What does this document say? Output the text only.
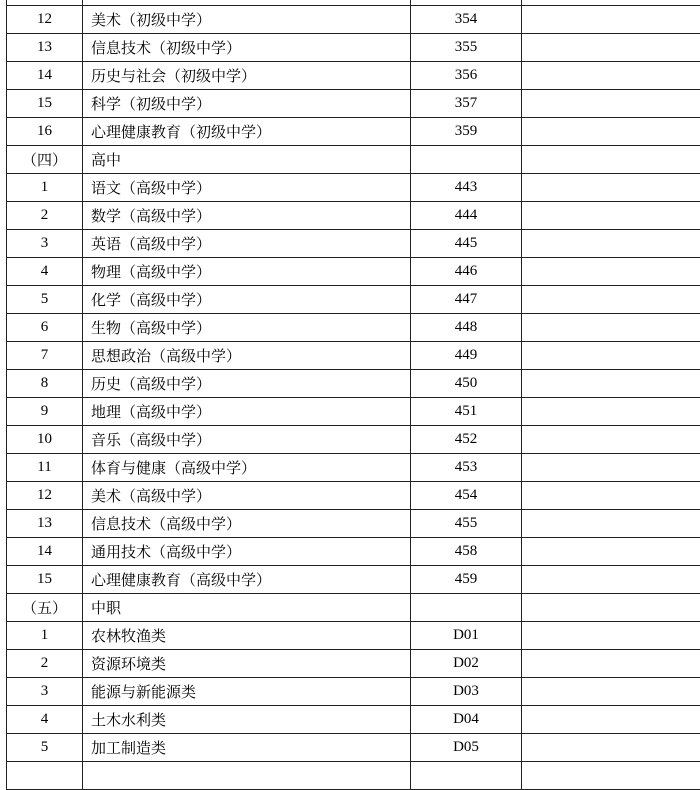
12	美术（初级中学）	354	
13	信息技术（初级中学）	355	
14	历史与社会（初级中学）	356	
15	科学（初级中学）	357	
16	心理健康教育（初级中学）	359	
（四）	高中		
1	语文（高级中学）	443	
2	数学（高级中学）	444	
3	英语（高级中学）	445	
4	物理（高级中学）	446	
5	化学（高级中学）	447	
6	生物（高级中学）	448	
7	思想政治（高级中学）	449	
8	历史（高级中学）	450	
9	地理（高级中学）	451	
10	音乐（高级中学）	452	
11	体育与健康（高级中学）	453	
12	美术（高级中学）	454	
13	信息技术（高级中学）	455	
14	通用技术（高级中学）	458	
15	心理健康教育（高级中学）	459	
（五）	中职		
1	农林牧渔类	D01	
2	资源环境类	D02	
3	能源与新能源类	D03	
4	土木水利类	D04	
5	加工制造类	D05	
